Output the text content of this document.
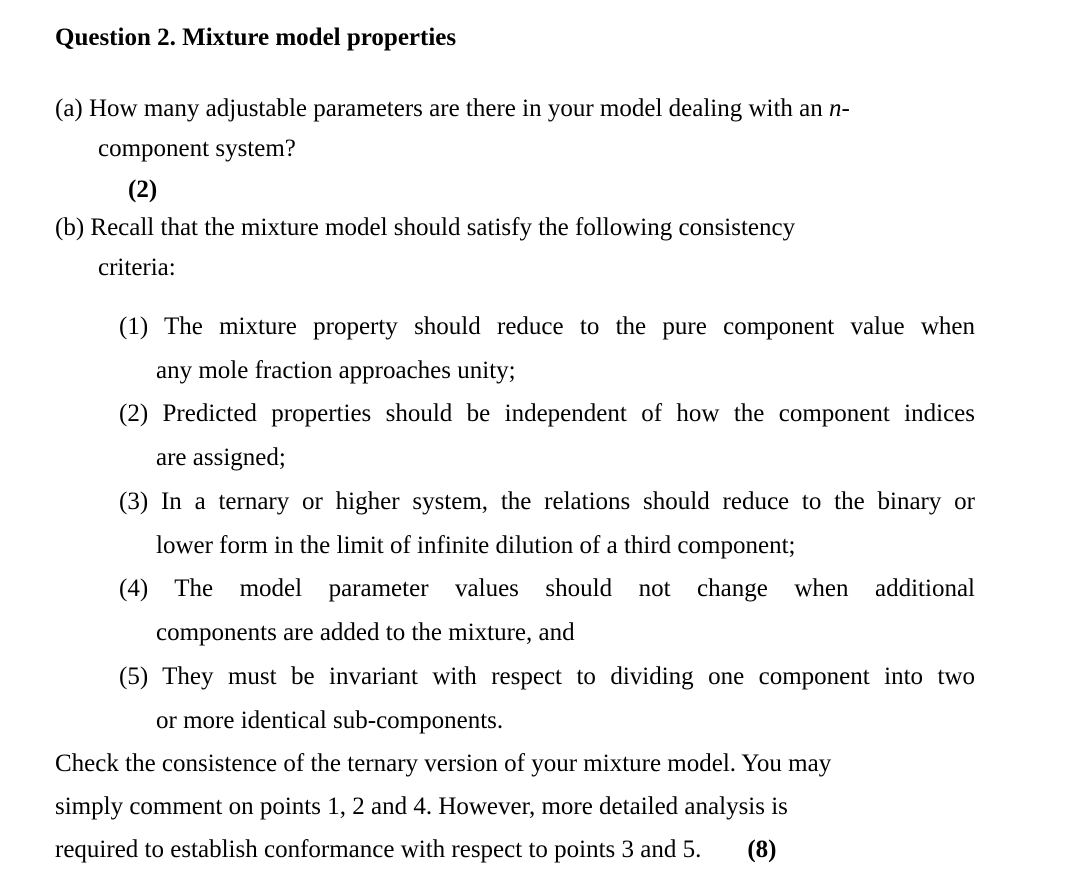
Question 2. Mixture model properties
(a) How many adjustable parameters are there in your model dealing with an n-
component system?
(2)
(b) Recall that the mixture model should satisfy the following consistency
criteria:
(1) The mixture property should reduce to the pure component value when
any mole fraction approaches unity;
(2) Predicted properties should be independent of how the component indices
are assigned;
(3) In a ternary or higher system, the relations should reduce to the binary or
lower form in the limit of infinite dilution of a third component;
(4) The model parameter values should not change when additional
components are added to the mixture, and
(5) They must be invariant with respect to dividing one component into two
or more identical sub-components.
Check the consistence of the ternary version of your mixture model. You may
simply comment on points 1, 2 and 4. However, more detailed analysis is
required to establish conformance with respect to points 3 and 5. (8)
